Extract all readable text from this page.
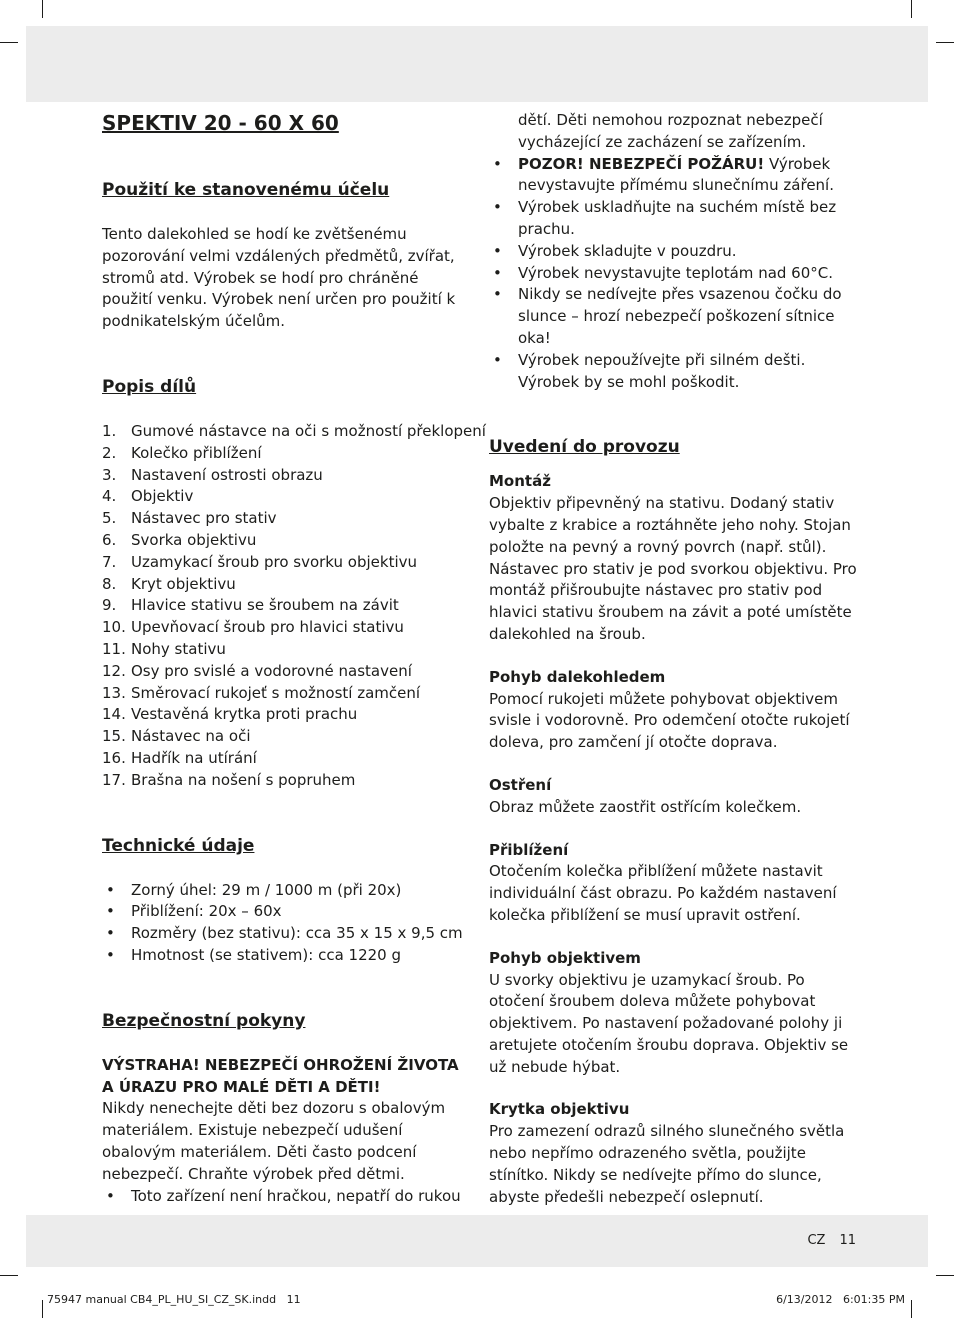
SPEKTIV 20 - 60 X 60
Použití ke stanovenému účelu

Tento dalekohled se hodí ke zvětšenému pozorování velmi vzdálených předmětů, zvířat, stromů atd. Výrobek se hodí pro chráněné použití venku. Výrobek není určen pro použití k podnikatelským účelům.

Popis dílů
1. Gumové nástavce na oči s možností překlopení
2. Kolečko přiblížení
3. Nastavení ostrosti obrazu
4. Objektiv
5. Nástavec pro stativ
6. Svorka objektivu
7. Uzamykací šroub pro svorku objektivu
8. Kryt objektivu
9. Hlavice stativu se šroubem na závit
10. Upevňovací šroub pro hlavici stativu
11. Nohy stativu
12. Osy pro svislé a vodorovné nastavení
13. Směrovací rukojeť s možností zamčení
14. Vestavěná krytka proti prachu
15. Nástavec na oči
16. Hadřík na utírání
17. Brašna na nošení s popruhem
Technické údaje
•	Zorný úhel: 29 m / 1000 m (při 20x)
•	Přiblížení: 20x – 60x
•	Rozměry (bez stativu): cca 35 x 15 x 9,5 cm
•	Hmotnost (se stativem): cca 1220 g
Bezpečnostní pokyny

VÝSTRAHA! NEBEZPEČÍ OHROŽENÍ ŽIVOTA A ÚRAZU PRO MALÉ DĚTI A DĚTI!

Nikdy nenechejte děti bez dozoru s obalovým materiálem. Existuje nebezpečí udušení obalovým materiálem. Děti často podcení nebezpečí. Chraňte výrobek před dětmi.

•	Toto zařízení není hračkou, nepatří do rukou

dětí. Děti nemohou rozpoznat nebezpečí vycházející ze zacházení se zařízením.

•	POZOR! NEBEZPEČÍ POŽÁRU! Výrobek nevystavujte přímému slunečnímu záření.
•	Výrobek uskladňujte na suchém místě bez prachu.
•	Výrobek skladujte v pouzdru.
•	Výrobek nevystavujte teplotám nad 60°C.
•	Nikdy se nedívejte přes vsazenou čočku do slunce – hrozí nebezpečí poškození sítnice oka!
•	Výrobek nepoužívejte při silném dešti. Výrobek by se mohl poškodit.
Uvedení do provozu
Montáž

Objektiv připevněný na stativu. Dodaný stativ vybalte z krabice a roztáhněte jeho nohy. Stojan položte na pevný a rovný povrch (např. stůl). Nástavec pro stativ je pod svorkou objektivu. Pro montáž přišroubujte nástavec pro stativ pod hlavici stativu šroubem na závit a poté umístěte dalekohled na šroub.

Pohyb dalekohledem

Pomocí rukojeti můžete pohybovat objektivem svisle i vodorovně. Pro odemčení otočte rukojetí doleva, pro zamčení jí otočte doprava.

Ostření

Obraz můžete zaostřit ostřícím kolečkem.

Přiblížení

Otočením kolečka přiblížení můžete nastavit individuální část obrazu. Po každém nastavení kolečka přiblížení se musí upravit ostření.

Pohyb objektivem

U svorky objektivu je uzamykací šroub. Po otočení šroubem doleva můžete pohybovat objektivem. Po nastavení požadované polohy ji aretujete otočením šroubu doprava. Objektiv se už nebude hýbat.

Krytka objektivu

Pro zamezení odrazů silného slunečného světla nebo nepřímo odrazeného světla, použijte stínítko. Nikdy se nedívejte přímo do slunce, abyste předešli nebezpečí oslepnutí.

CZ 11
75947 manual CB4_PL_HU_SI_CZ_SK.indd   11	6/13/2012   6:01:35 PM
